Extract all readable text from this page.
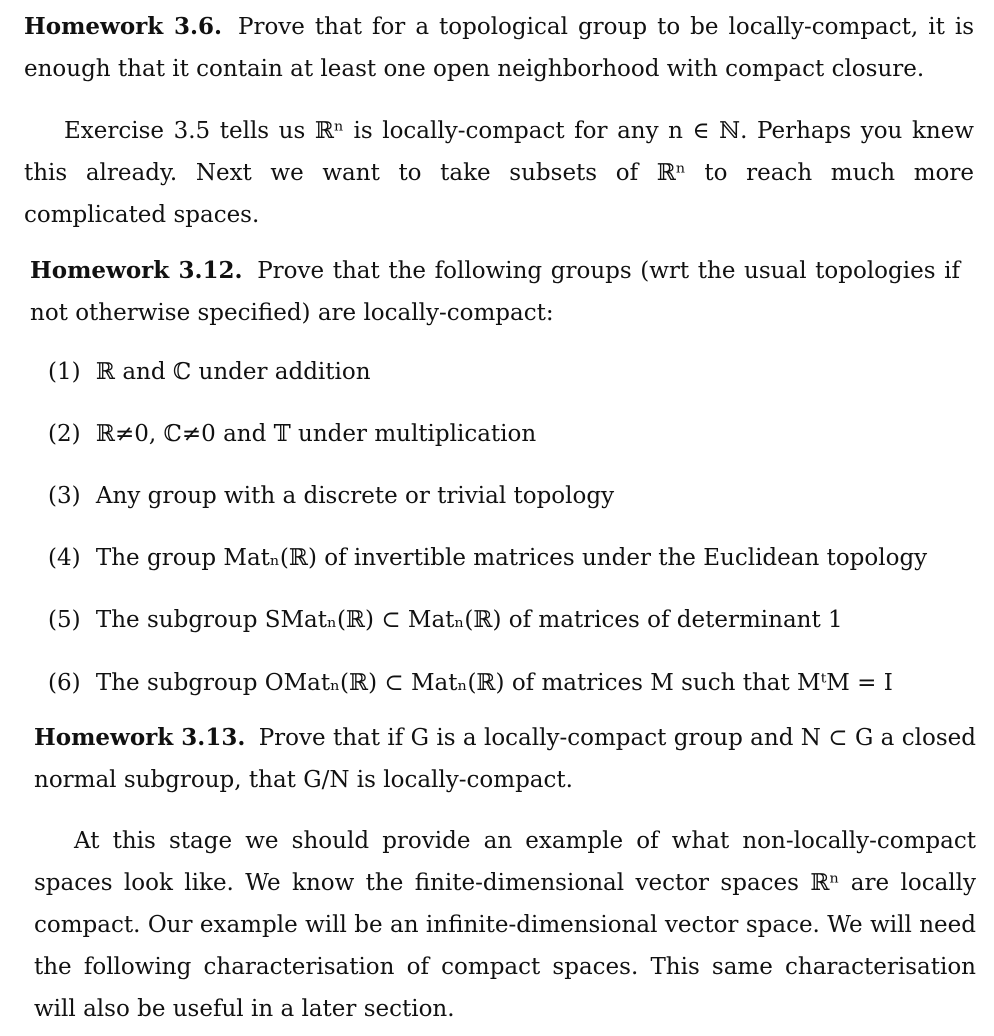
Homework 3.6. Prove that for a topological group to be locally-compact, it is enough that it contain at least one open neighborhood with compact closure.

Exercise 3.5 tells us ℝⁿ is locally-compact for any n ∈ ℕ. Perhaps you knew this already. Next we want to take subsets of ℝⁿ to reach much more complicated spaces.

Homework 3.12. Prove that the following groups (wrt the usual topologies if not otherwise specified) are locally-compact:

(1) ℝ and ℂ under addition
(2) ℝ≠0, ℂ≠0 and 𝕋 under multiplication
(3) Any group with a discrete or trivial topology
(4) The group Matₙ(ℝ) of invertible matrices under the Euclidean topology
(5) The subgroup SMatₙ(ℝ) ⊂ Matₙ(ℝ) of matrices of determinant 1
(6) The subgroup OMatₙ(ℝ) ⊂ Matₙ(ℝ) of matrices M such that MᵗM = I

Homework 3.13. Prove that if G is a locally-compact group and N ⊂ G a closed normal subgroup, that G/N is locally-compact.

At this stage we should provide an example of what non-locally-compact spaces look like. We know the finite-dimensional vector spaces ℝⁿ are locally compact. Our example will be an infinite-dimensional vector space. We will need the following characterisation of compact spaces. This same characterisation will also be useful in a later section.
